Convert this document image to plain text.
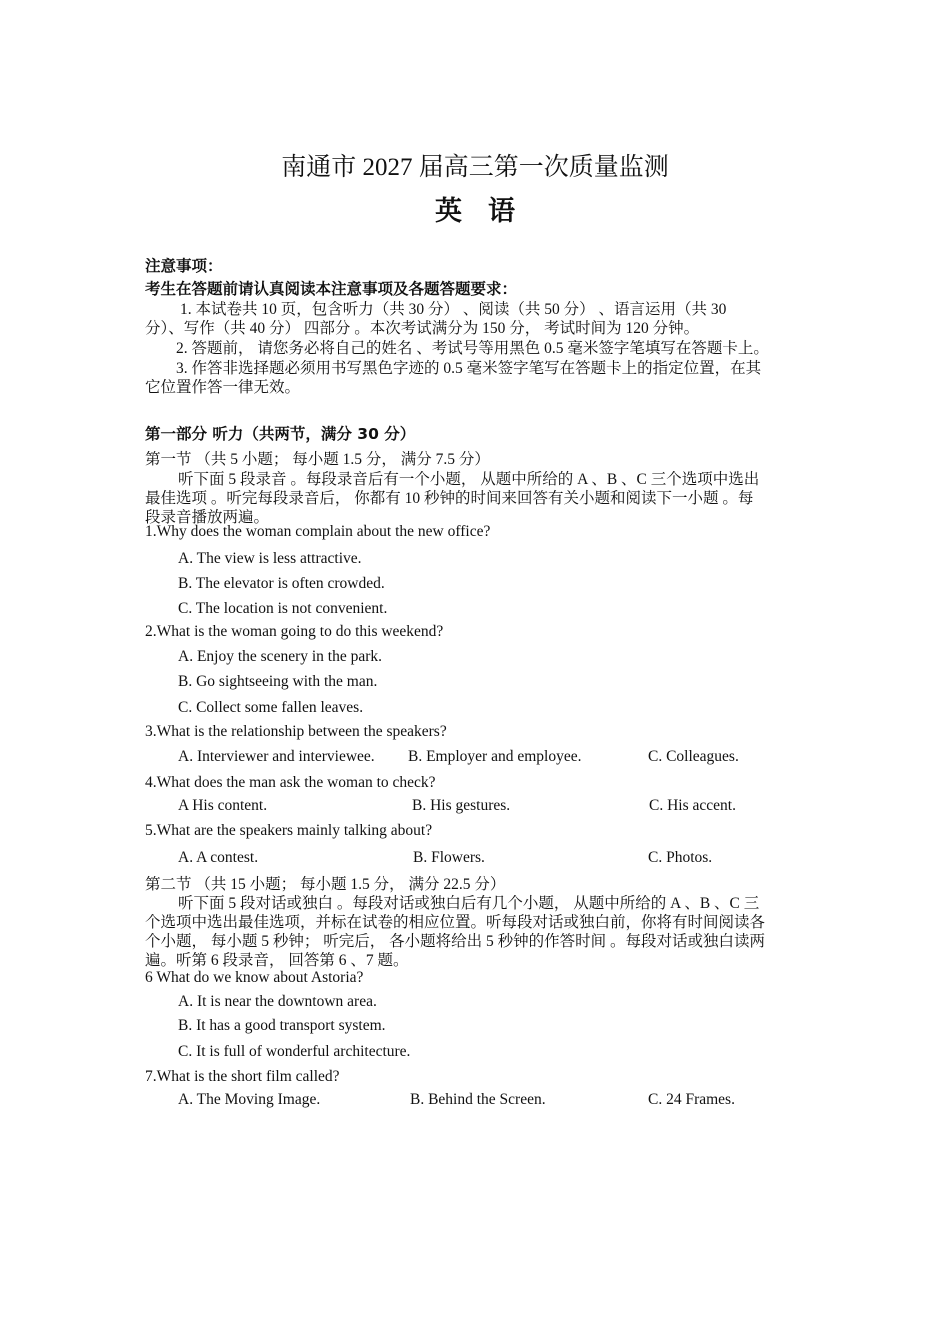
南通市 2027 届高三第一次质量监测

英语

注意事项：

考生在答题前请认真阅读本注意事项及各题答题要求：

1. 本试卷共 10 页，包含听力（共 30 分） 、阅读（共 50 分） 、语言运用（共 30

分）、写作（共 40 分） 四部分 。本次考试满分为 150 分， 考试时间为 120 分钟。

2. 答题前， 请您务必将自己的姓名 、考试号等用黑色 0.5 毫米签字笔填写在答题卡上。

3. 作答非选择题必须用书写黑色字迹的 0.5 毫米签字笔写在答题卡上的指定位置，在其

它位置作答一律无效。

第一部分 听力（共两节，满分 30 分）

第一节 （共 5 小题； 每小题 1.5 分， 满分 7.5 分）

听下面 5 段录音 。每段录音后有一个小题， 从题中所给的 A 、B 、C 三个选项中选出

最佳选项 。听完每段录音后， 你都有 10 秒钟的时间来回答有关小题和阅读下一小题 。每

段录音播放两遍。

1.Why does the woman complain about the new office?

A. The view is less attractive.

B. The elevator is often crowded.

C. The location is not convenient.

2.What is the woman going to do this weekend?

A. Enjoy the scenery in the park.

B. Go sightseeing with the man.

C. Collect some fallen leaves.

3.What is the relationship between the speakers?

A. Interviewer and interviewee. B. Employer and employee.	C. Colleagues.

4.What does the man ask the woman to check?

A His content.	B. His gestures.	C. His accent.

5.What are the speakers mainly talking about?

A. A contest.	B. Flowers.	C. Photos.

第二节 （共 15 小题； 每小题 1.5 分， 满分 22.5 分）

听下面 5 段对话或独白 。每段对话或独白后有几个小题， 从题中所给的 A 、B 、C 三

个选项中选出最佳选项，并标在试卷的相应位置。听每段对话或独白前，你将有时间阅读各

个小题， 每小题 5 秒钟； 听完后， 各小题将给出 5 秒钟的作答时间 。每段对话或独白读两

遍。听第 6 段录音， 回答第 6 、7 题。

6 What do we know about Astoria?

A. It is near the downtown area.

B. It has a good transport system.

C. It is full of wonderful architecture.

7.What is the short film called?

A. The Moving Image.	B. Behind the Screen.	C. 24 Frames.
